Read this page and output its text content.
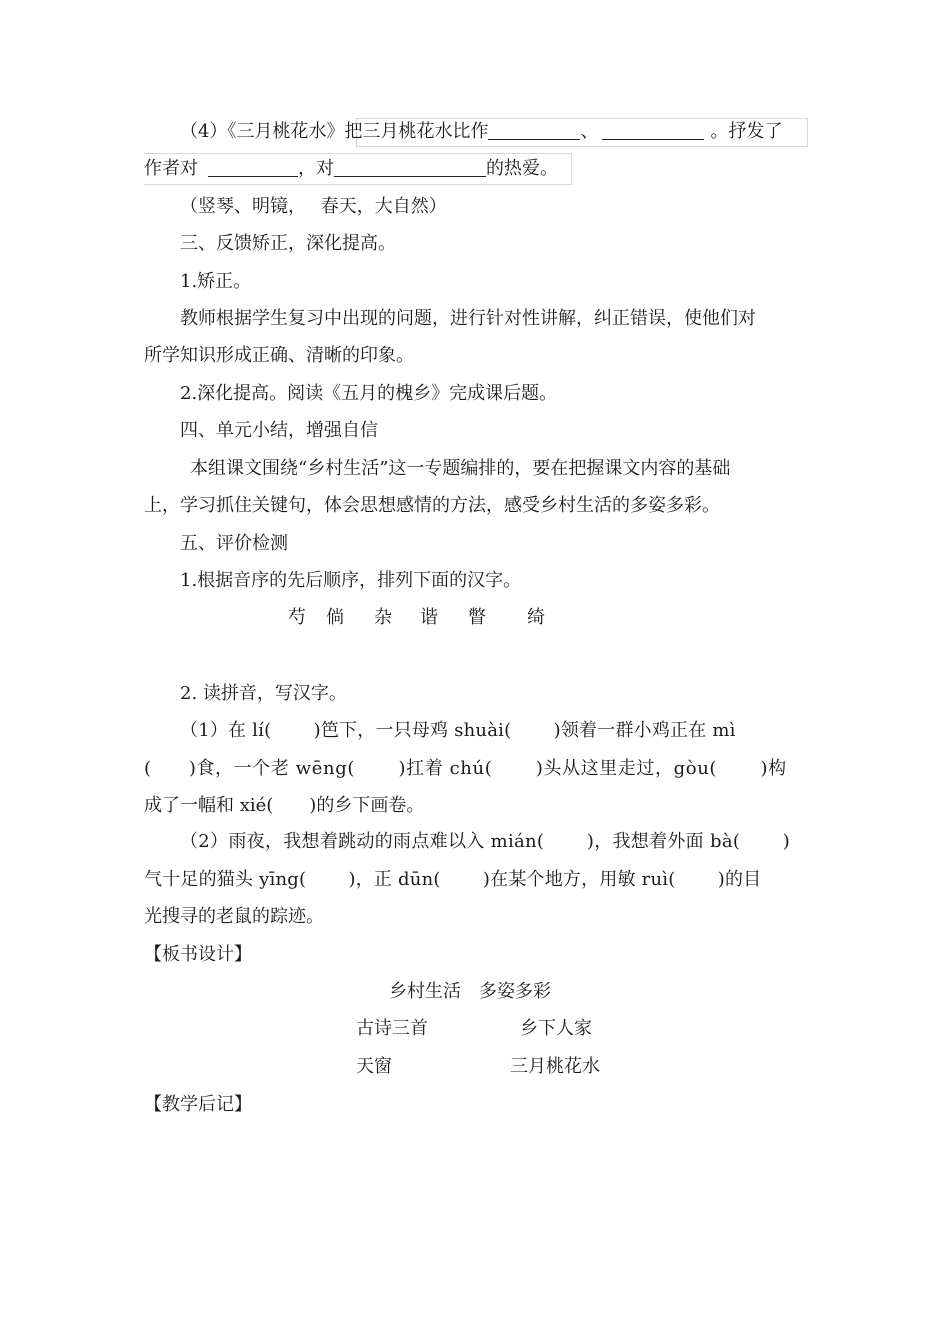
（4）《三月桃花水》把三月桃花水比作	、	。抒发了
作者对	，对	的热爱。
（竖琴、明镜，　 春天，大自然）
三、反馈矫正，深化提高。
1.矫正。
教师根据学生复习中出现的问题，进行针对性讲解，纠正错误，使他们对
所学知识形成正确、清晰的印象。
2.深化提高。阅读《五月的槐乡》完成课后题。
四、单元小结，增强自信
本组课文围绕“乡村生活”这一专题编排的，要在把握课文内容的基础
上，学习抓住关键句，体会思想感情的方法，感受乡村生活的多姿多彩。
五、评价检测
1.根据音序的先后顺序，排列下面的汉字。
芍 倘 杂 谐 瞥 绮
2. 读拼音，写汉字。
（1）在 lí(　　 )笆下，一只母鸡 shuài(　　 )领着一群小鸡正在 mì
(　　)食，一个老 wēng(　　 )扛着 chú(　　 )头从这里走过，gòu(　　 )构
成了一幅和 xié(　　)的乡下画卷。
（2）雨夜，我想着跳动的雨点难以入 mián(　　 )，我想着外面 bà(　　 )
气十足的猫头 yīng(　　 )，正 dūn(　　 )在某个地方，用敏 ruì(　　 )的目
光搜寻的老鼠的踪迹。
【板书设计】
乡村生活　多姿多彩
古诗三首	乡下人家
天窗	三月桃花水
【教学后记】
